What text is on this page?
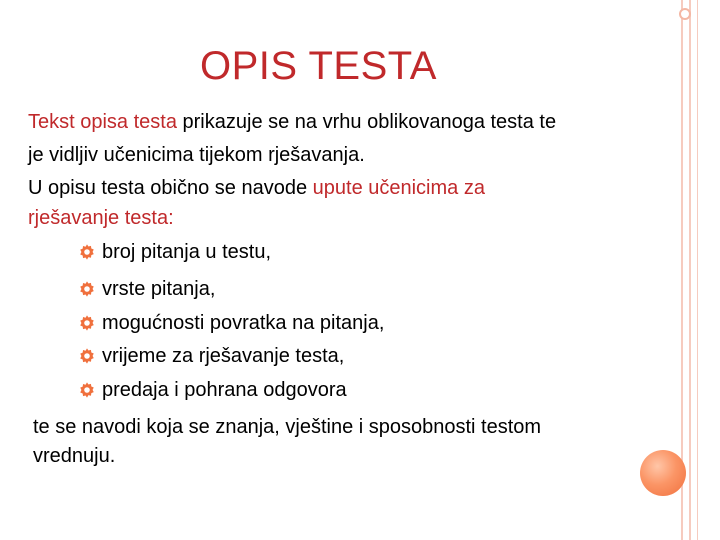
OPIS TESTA
Tekst opisa testa prikazuje se na vrhu oblikovanoga testa te
je vidljiv učenicima tijekom rješavanja.
U opisu testa obično se navode upute učenicima za
rješavanje testa:
broj pitanja u testu,
vrste pitanja,
mogućnosti povratka na pitanja,
vrijeme za rješavanje testa,
predaja i pohrana odgovora
te se navodi koja se znanja, vještine i sposobnosti testom
vrednuju.
